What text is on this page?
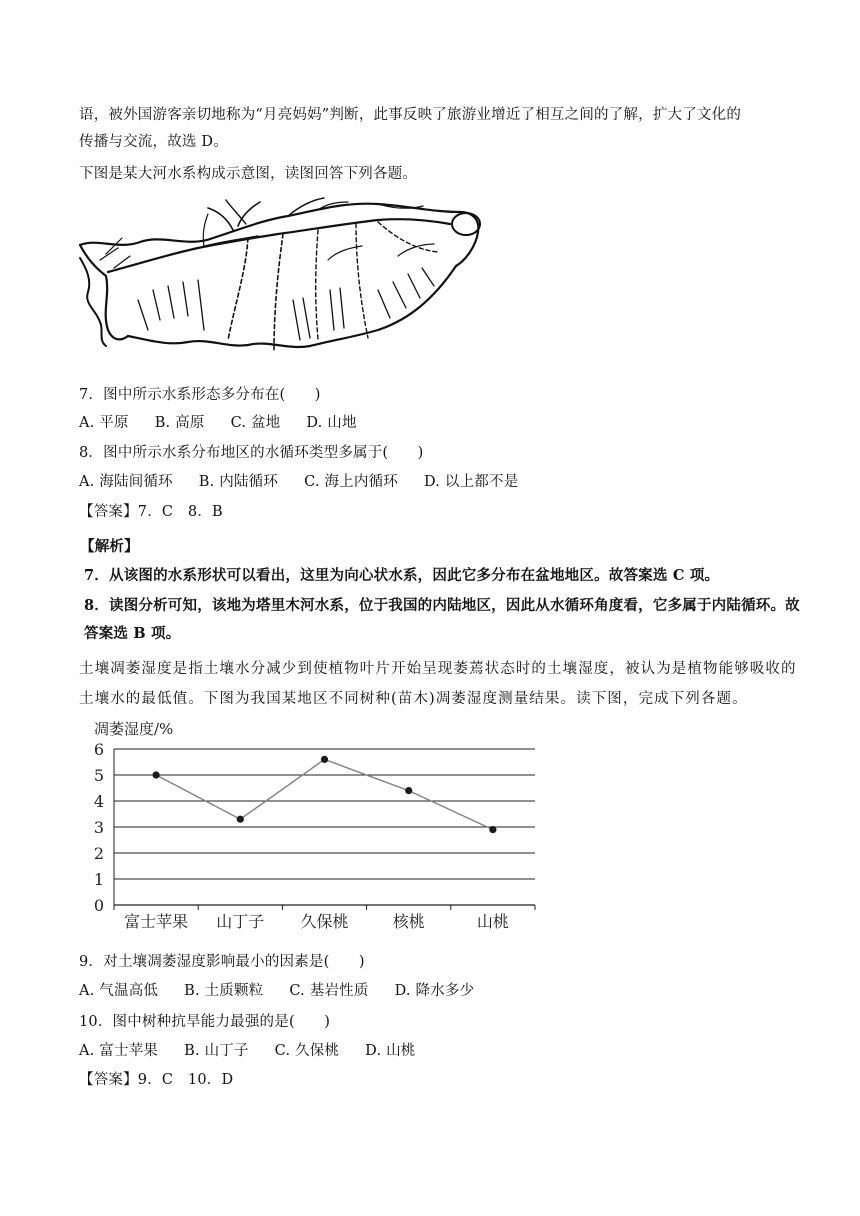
语，被外国游客亲切地称为“月亮妈妈”判断，此事反映了旅游业增近了相互之间的了解，扩大了文化的
传播与交流，故选 D。
下图是某大河水系构成示意图，读图回答下列各题。
7．图中所示水系形态多分布在(　　)
A. 平原 B. 高原 C. 盆地 D. 山地
8．图中所示水系分布地区的水循环类型多属于(　　)
A. 海陆间循环 B. 内陆循环 C. 海上内循环 D. 以上都不是
【答案】7．C　8．B
【解析】
7．从该图的水系形状可以看出，这里为向心状水系，因此它多分布在盆地地区。故答案选 C 项。
8．读图分析可知，该地为塔里木河水系，位于我国的内陆地区，因此从水循环角度看，它多属于内陆循环。故
答案选 B 项。
土壤凋萎湿度是指土壤水分减少到使植物叶片开始呈现萎蔫状态时的土壤湿度，被认为是植物能够吸收的
土壤水的最低值。下图为我国某地区不同树种(苗木)凋萎湿度测量结果。读下图，完成下列各题。
凋萎湿度/%
0
1
2
3
4
5
6
富士苹果 山丁子 久保桃	核桃	山桃
9．对土壤凋萎湿度影响最小的因素是(　　)
A. 气温高低 B. 土质颗粒 C. 基岩性质 D. 降水多少
10．图中树种抗旱能力最强的是(　　)
A. 富士苹果 B. 山丁子 C. 久保桃 D. 山桃
【答案】9．C　10．D
